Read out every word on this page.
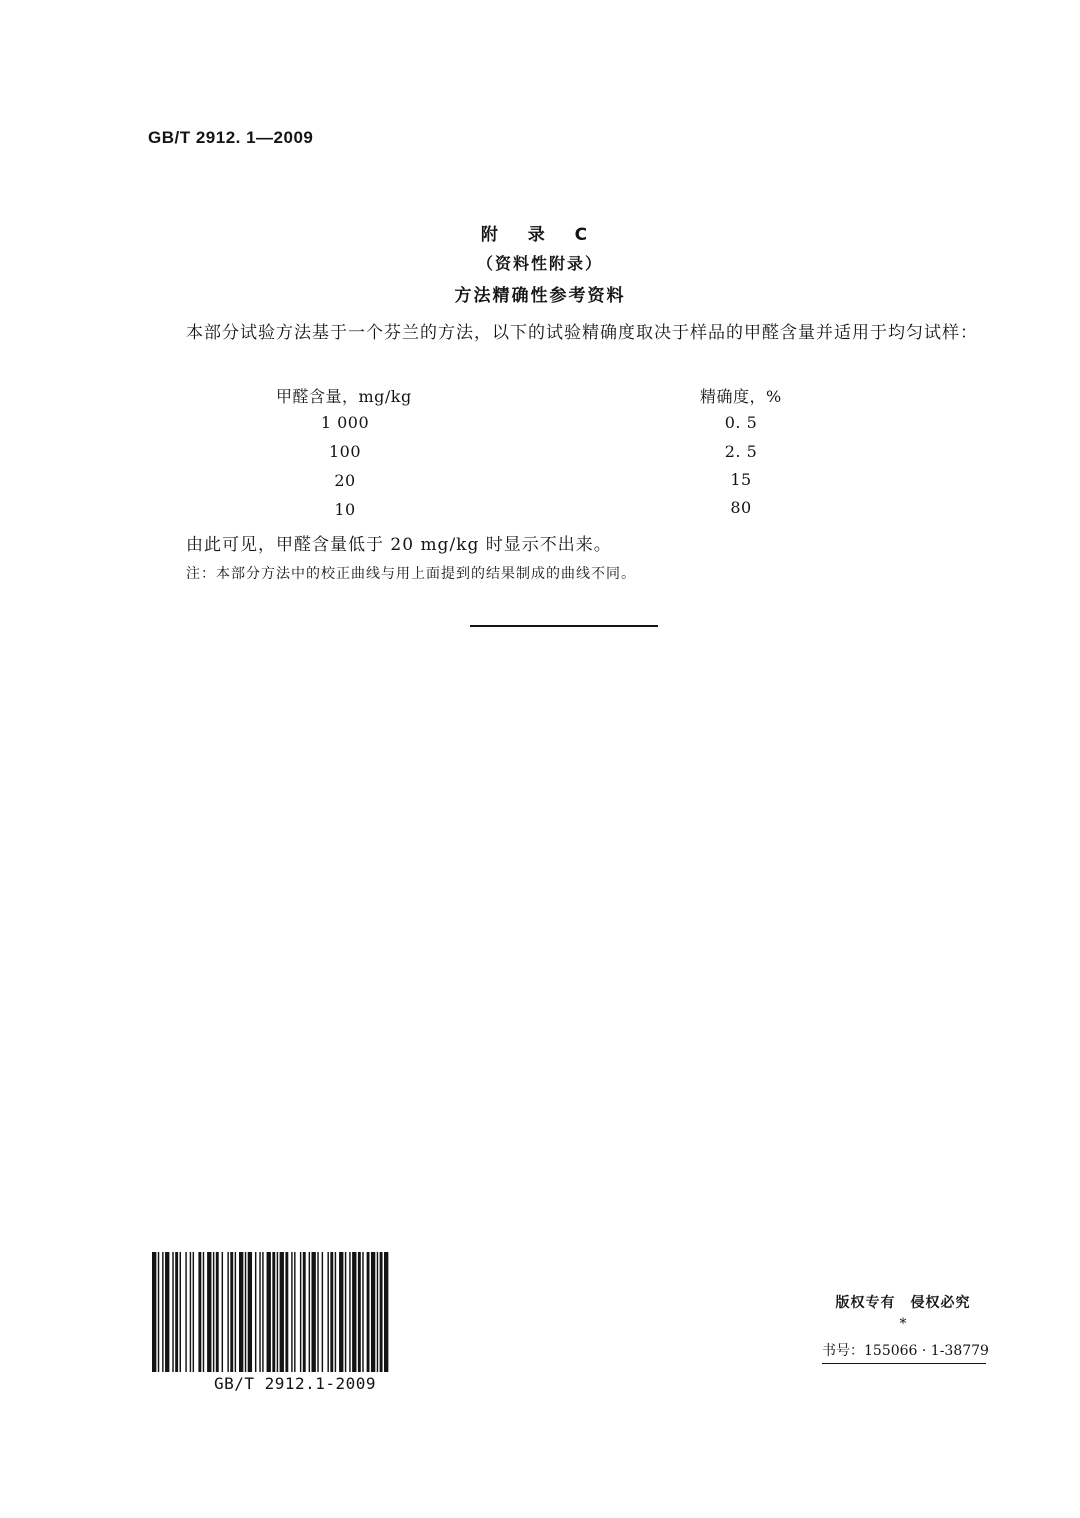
GB/T 2912. 1—2009
附 录 C
（资料性附录）
方法精确性参考资料
本部分试验方法基于一个芬兰的方法，以下的试验精确度取决于样品的甲醛含量并适用于均匀试样：
甲醛含量，mg/kg	精确度，%
1 000	0. 5
100	2. 5
20	15
10	80
由此可见，甲醛含量低于 20 mg/kg 时显示不出来。
注：本部分方法中的校正曲线与用上面提到的结果制成的曲线不同。
GB/T 2912.1-2009
版权专有　侵权必究
*
书号：155066 · 1-38779
